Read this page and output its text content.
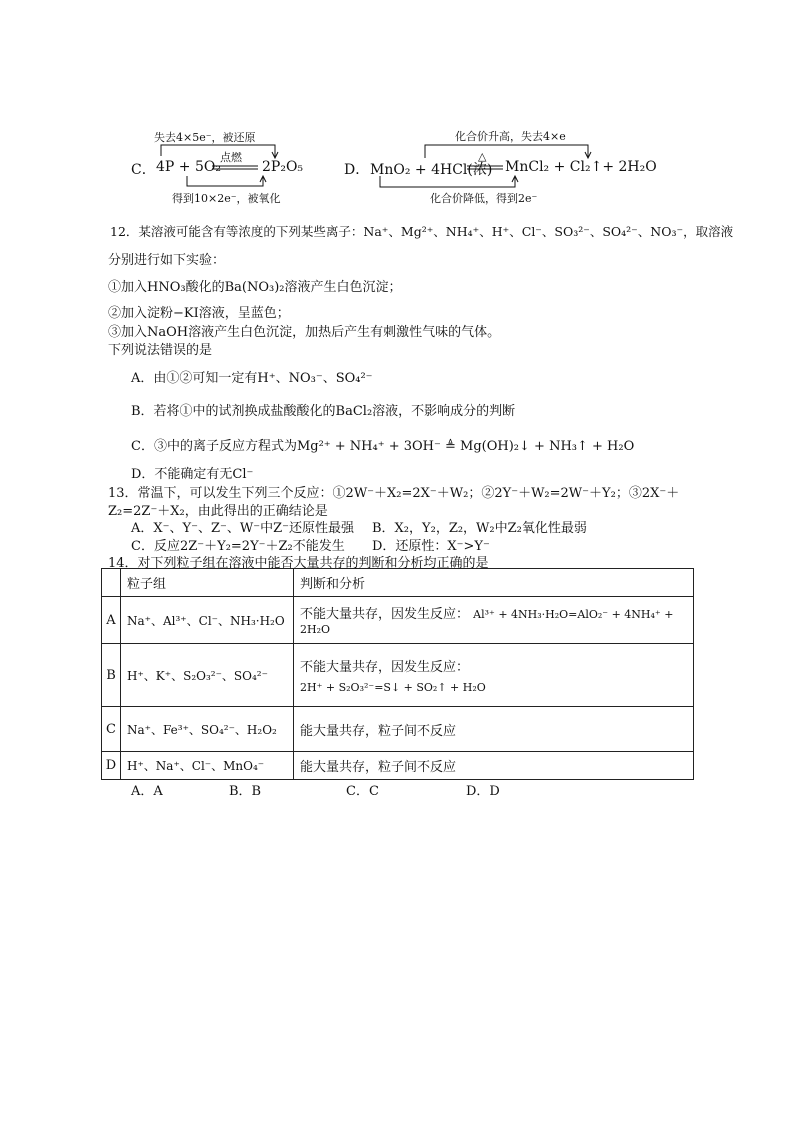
失去4×5e⁻，被还原
点燃
C． 4P + 5O₂	2P₂O₅
得到10×2e⁻，被氧化
化合价升高，失去4×e
△
D． MnO₂ + 4HCl(浓) MnCl₂ + Cl₂↑+ 2H₂O
化合价降低，得到2e⁻
12．某溶液可能含有等浓度的下列某些离子：Na⁺、Mg²⁺、NH₄⁺、H⁺、Cl⁻、SO₃²⁻、SO₄²⁻、NO₃⁻，取溶液
分别进行如下实验：
①加入HNO₃酸化的Ba(NO₃)₂溶液产生白色沉淀；
②加入淀粉−KI溶液，呈蓝色；
③加入NaOH溶液产生白色沉淀，加热后产生有刺激性气味的气体。
下列说法错误的是
A．由①②可知一定有H⁺、NO₃⁻、SO₄²⁻
B．若将①中的试剂换成盐酸酸化的BaCl₂溶液，不影响成分的判断
C．③中的离子反应方程式为Mg²⁺ + NH₄⁺ + 3OH⁻ ≜ Mg(OH)₂↓ + NH₃↑ + H₂O
D．不能确定有无Cl⁻
13．常温下，可以发生下列三个反应：①2W⁻＋X₂=2X⁻＋W₂；②2Y⁻＋W₂=2W⁻＋Y₂；③2X⁻＋
Z₂=2Z⁻＋X₂，由此得出的正确结论是
A．X⁻、Y⁻、Z⁻、W⁻中Z⁻还原性最强 B．X₂，Y₂，Z₂，W₂中Z₂氧化性最弱
C．反应2Z⁻＋Y₂=2Y⁻＋Z₂不能发生 D．还原性：X⁻>Y⁻
14．对下列粒子组在溶液中能否大量共存的判断和分析均正确的是
	粒子组	判断和分析
A	Na⁺、Al³⁺、Cl⁻、NH₃·H₂O	不能大量共存，因发生反应： Al³⁺ + 4NH₃·H₂O=AlO₂⁻ + 4NH₄⁺ + 2H₂O
B	H⁺、K⁺、S₂O₃²⁻、SO₄²⁻	不能大量共存，因发生反应：
2H⁺ + S₂O₃²⁻=S↓ + SO₂↑ + H₂O

C	Na⁺、Fe³⁺、SO₄²⁻、H₂O₂	能大量共存，粒子间不反应
D	H⁺、Na⁺、Cl⁻、MnO₄⁻	能大量共存，粒子间不反应
A．A	B．B	C．C	D．D
